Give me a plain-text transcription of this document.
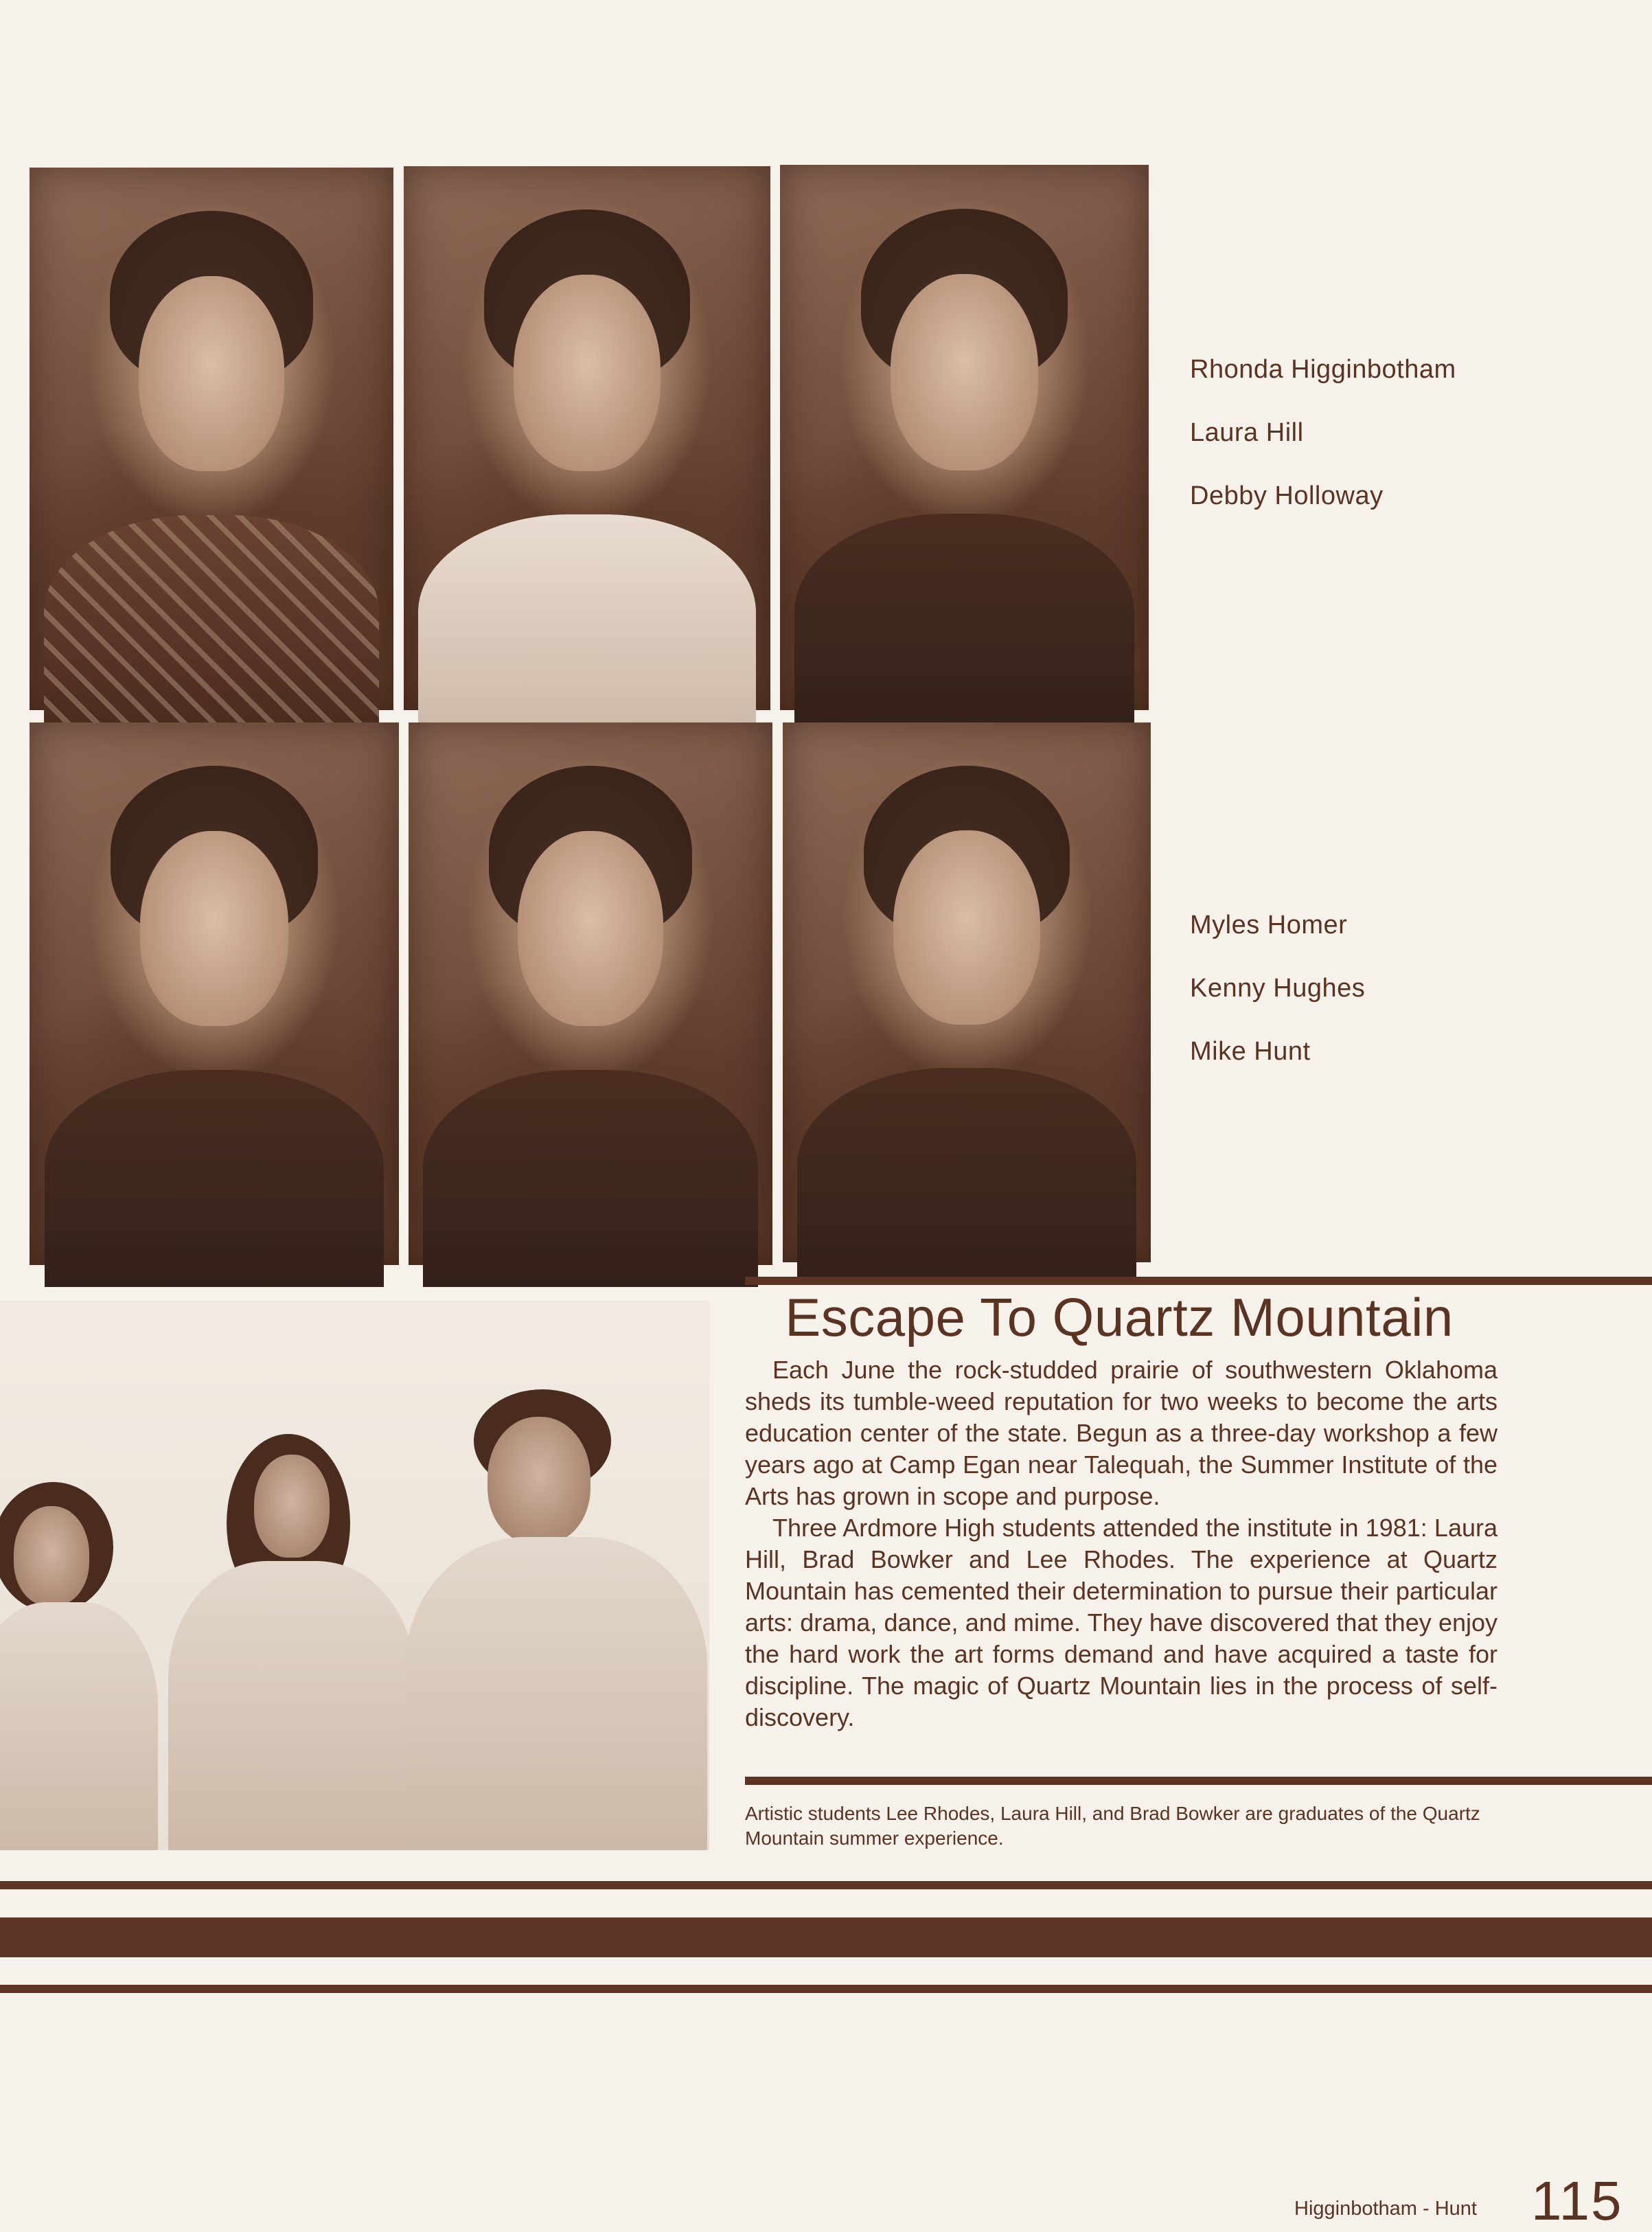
Rhonda Higginbotham
Laura Hill
Debby Holloway
Myles Homer
Kenny Hughes
Mike Hunt
Escape To Quartz Mountain

Each June the rock-studded prairie of southwestern Oklahoma sheds its tumble-weed reputation for two weeks to become the arts education center of the state. Begun as a three-day workshop a few years ago at Camp Egan near Talequah, the Summer Institute of the Arts has grown in scope and purpose.

Three Ardmore High students attended the institute in 1981: Laura Hill, Brad Bowker and Lee Rhodes. The experience at Quartz Mountain has cemented their determination to pursue their particular arts: drama, dance, and mime. They have discovered that they enjoy the hard work the art forms demand and have acquired a taste for discipline. The magic of Quartz Mountain lies in the process of self-discovery.

Artistic students Lee Rhodes, Laura Hill, and Brad Bowker are graduates of the Quartz Mountain summer experience.
Higginbotham - Hunt 115
